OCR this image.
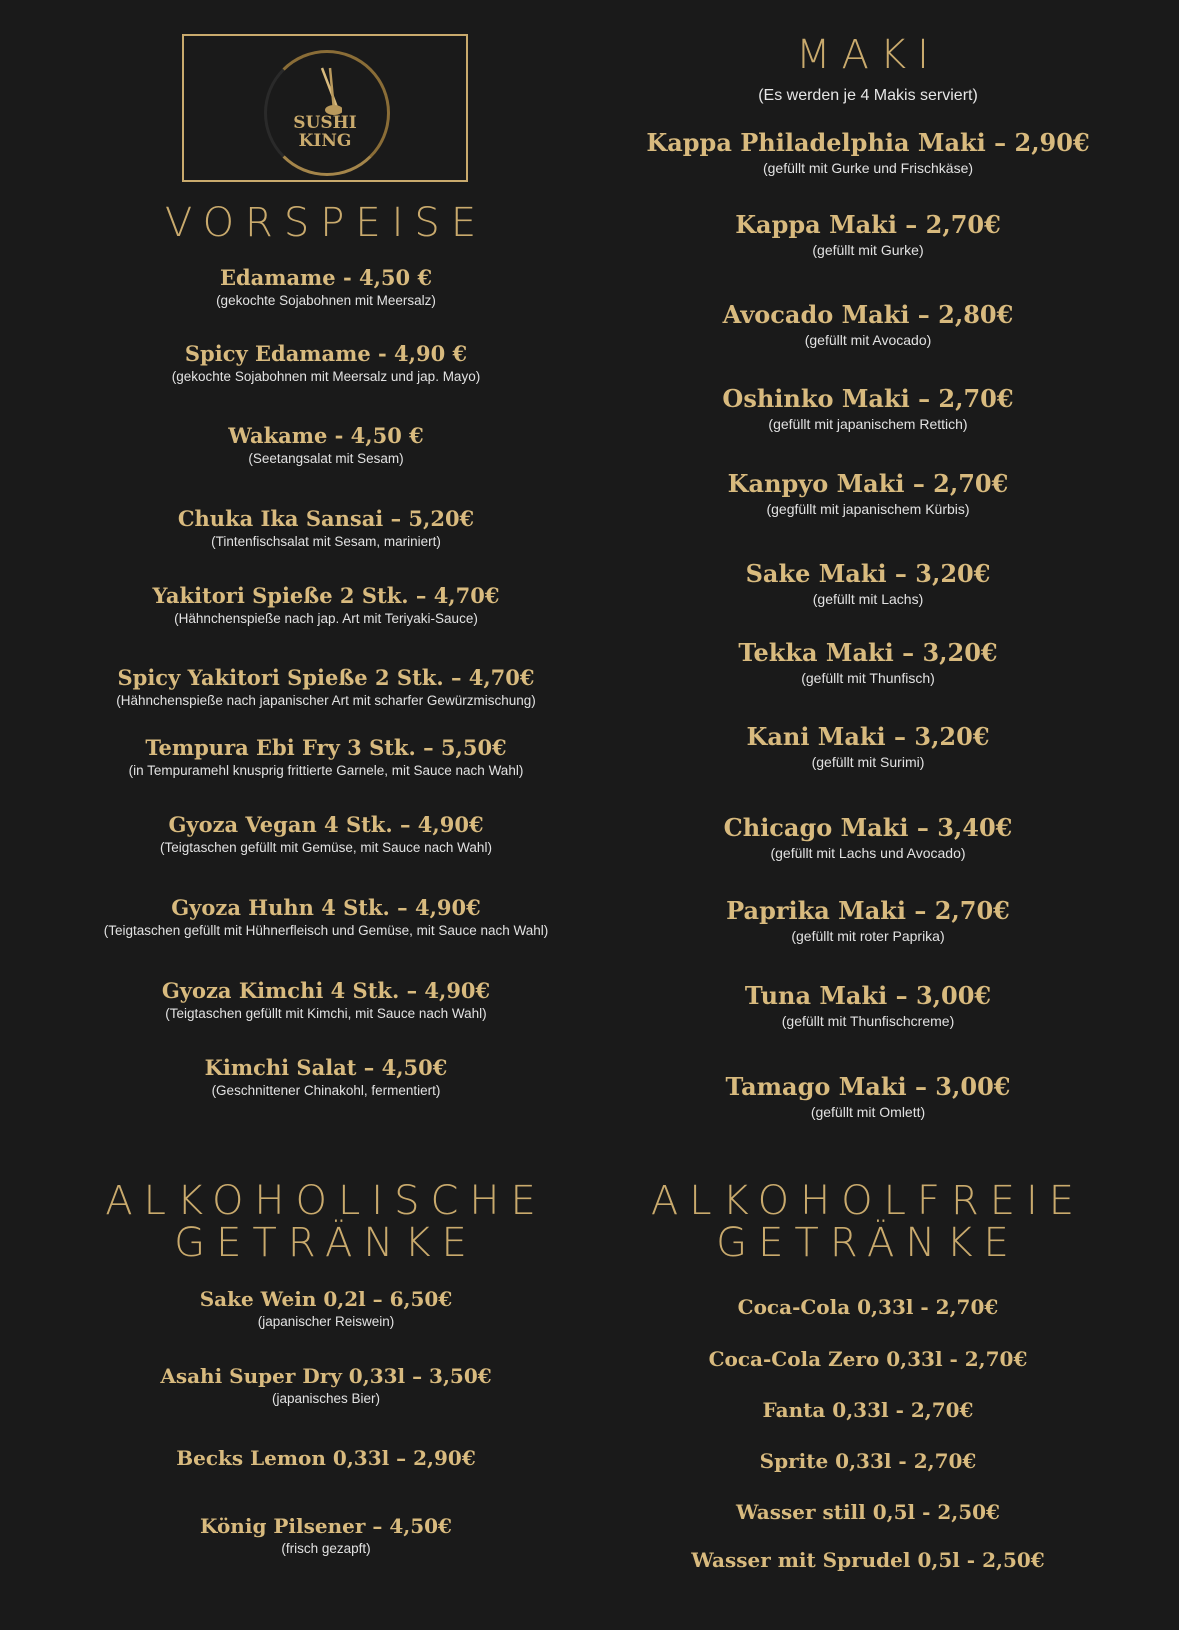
SUSHI
KING
VORSPEISE
Edamame - 4,50 €
(gekochte Sojabohnen mit Meersalz)
Spicy Edamame - 4,90 €
(gekochte Sojabohnen mit Meersalz und jap. Mayo)
Wakame - 4,50 €
(Seetangsalat mit Sesam)
Chuka Ika Sansai – 5,20€
(Tintenfischsalat mit Sesam, mariniert)
Yakitori Spieße 2 Stk. – 4,70€
(Hähnchenspieße nach jap. Art mit Teriyaki-Sauce)
Spicy Yakitori Spieße 2 Stk. – 4,70€
(Hähnchenspieße nach japanischer Art mit scharfer Gewürzmischung)
Tempura Ebi Fry 3 Stk. – 5,50€
(in Tempuramehl knusprig frittierte Garnele, mit Sauce nach Wahl)
Gyoza Vegan 4 Stk. – 4,90€
(Teigtaschen gefüllt mit Gemüse, mit Sauce nach Wahl)
Gyoza Huhn 4 Stk. – 4,90€
(Teigtaschen gefüllt mit Hühnerfleisch und Gemüse, mit Sauce nach Wahl)
Gyoza Kimchi 4 Stk. – 4,90€
(Teigtaschen gefüllt mit Kimchi, mit Sauce nach Wahl)
Kimchi Salat – 4,50€
(Geschnittener Chinakohl, fermentiert)
ALKOHOLISCHE
GETRÄNKE
Sake Wein 0,2l – 6,50€
(japanischer Reiswein)
Asahi Super Dry 0,33l – 3,50€
(japanisches Bier)
Becks Lemon 0,33l – 2,90€
König Pilsener – 4,50€
(frisch gezapft)
MAKI
(Es werden je 4 Makis serviert)
Kappa Philadelphia Maki – 2,90€
(gefüllt mit Gurke und Frischkäse)
Kappa Maki – 2,70€
(gefüllt mit Gurke)
Avocado Maki – 2,80€
(gefüllt mit Avocado)
Oshinko Maki – 2,70€
(gefüllt mit japanischem Rettich)
Kanpyo Maki – 2,70€
(gegfüllt mit japanischem Kürbis)
Sake Maki – 3,20€
(gefüllt mit Lachs)
Tekka Maki – 3,20€
(gefüllt mit Thunfisch)
Kani Maki – 3,20€
(gefüllt mit Surimi)
Chicago Maki – 3,40€
(gefüllt mit Lachs und Avocado)
Paprika Maki – 2,70€
(gefüllt mit roter Paprika)
Tuna Maki – 3,00€
(gefüllt mit Thunfischcreme)
Tamago Maki – 3,00€
(gefüllt mit Omlett)
ALKOHOLFREIE
GETRÄNKE
Coca-Cola 0,33l - 2,70€
Coca-Cola Zero 0,33l - 2,70€
Fanta 0,33l - 2,70€
Sprite 0,33l - 2,70€
Wasser still 0,5l - 2,50€
Wasser mit Sprudel 0,5l - 2,50€
